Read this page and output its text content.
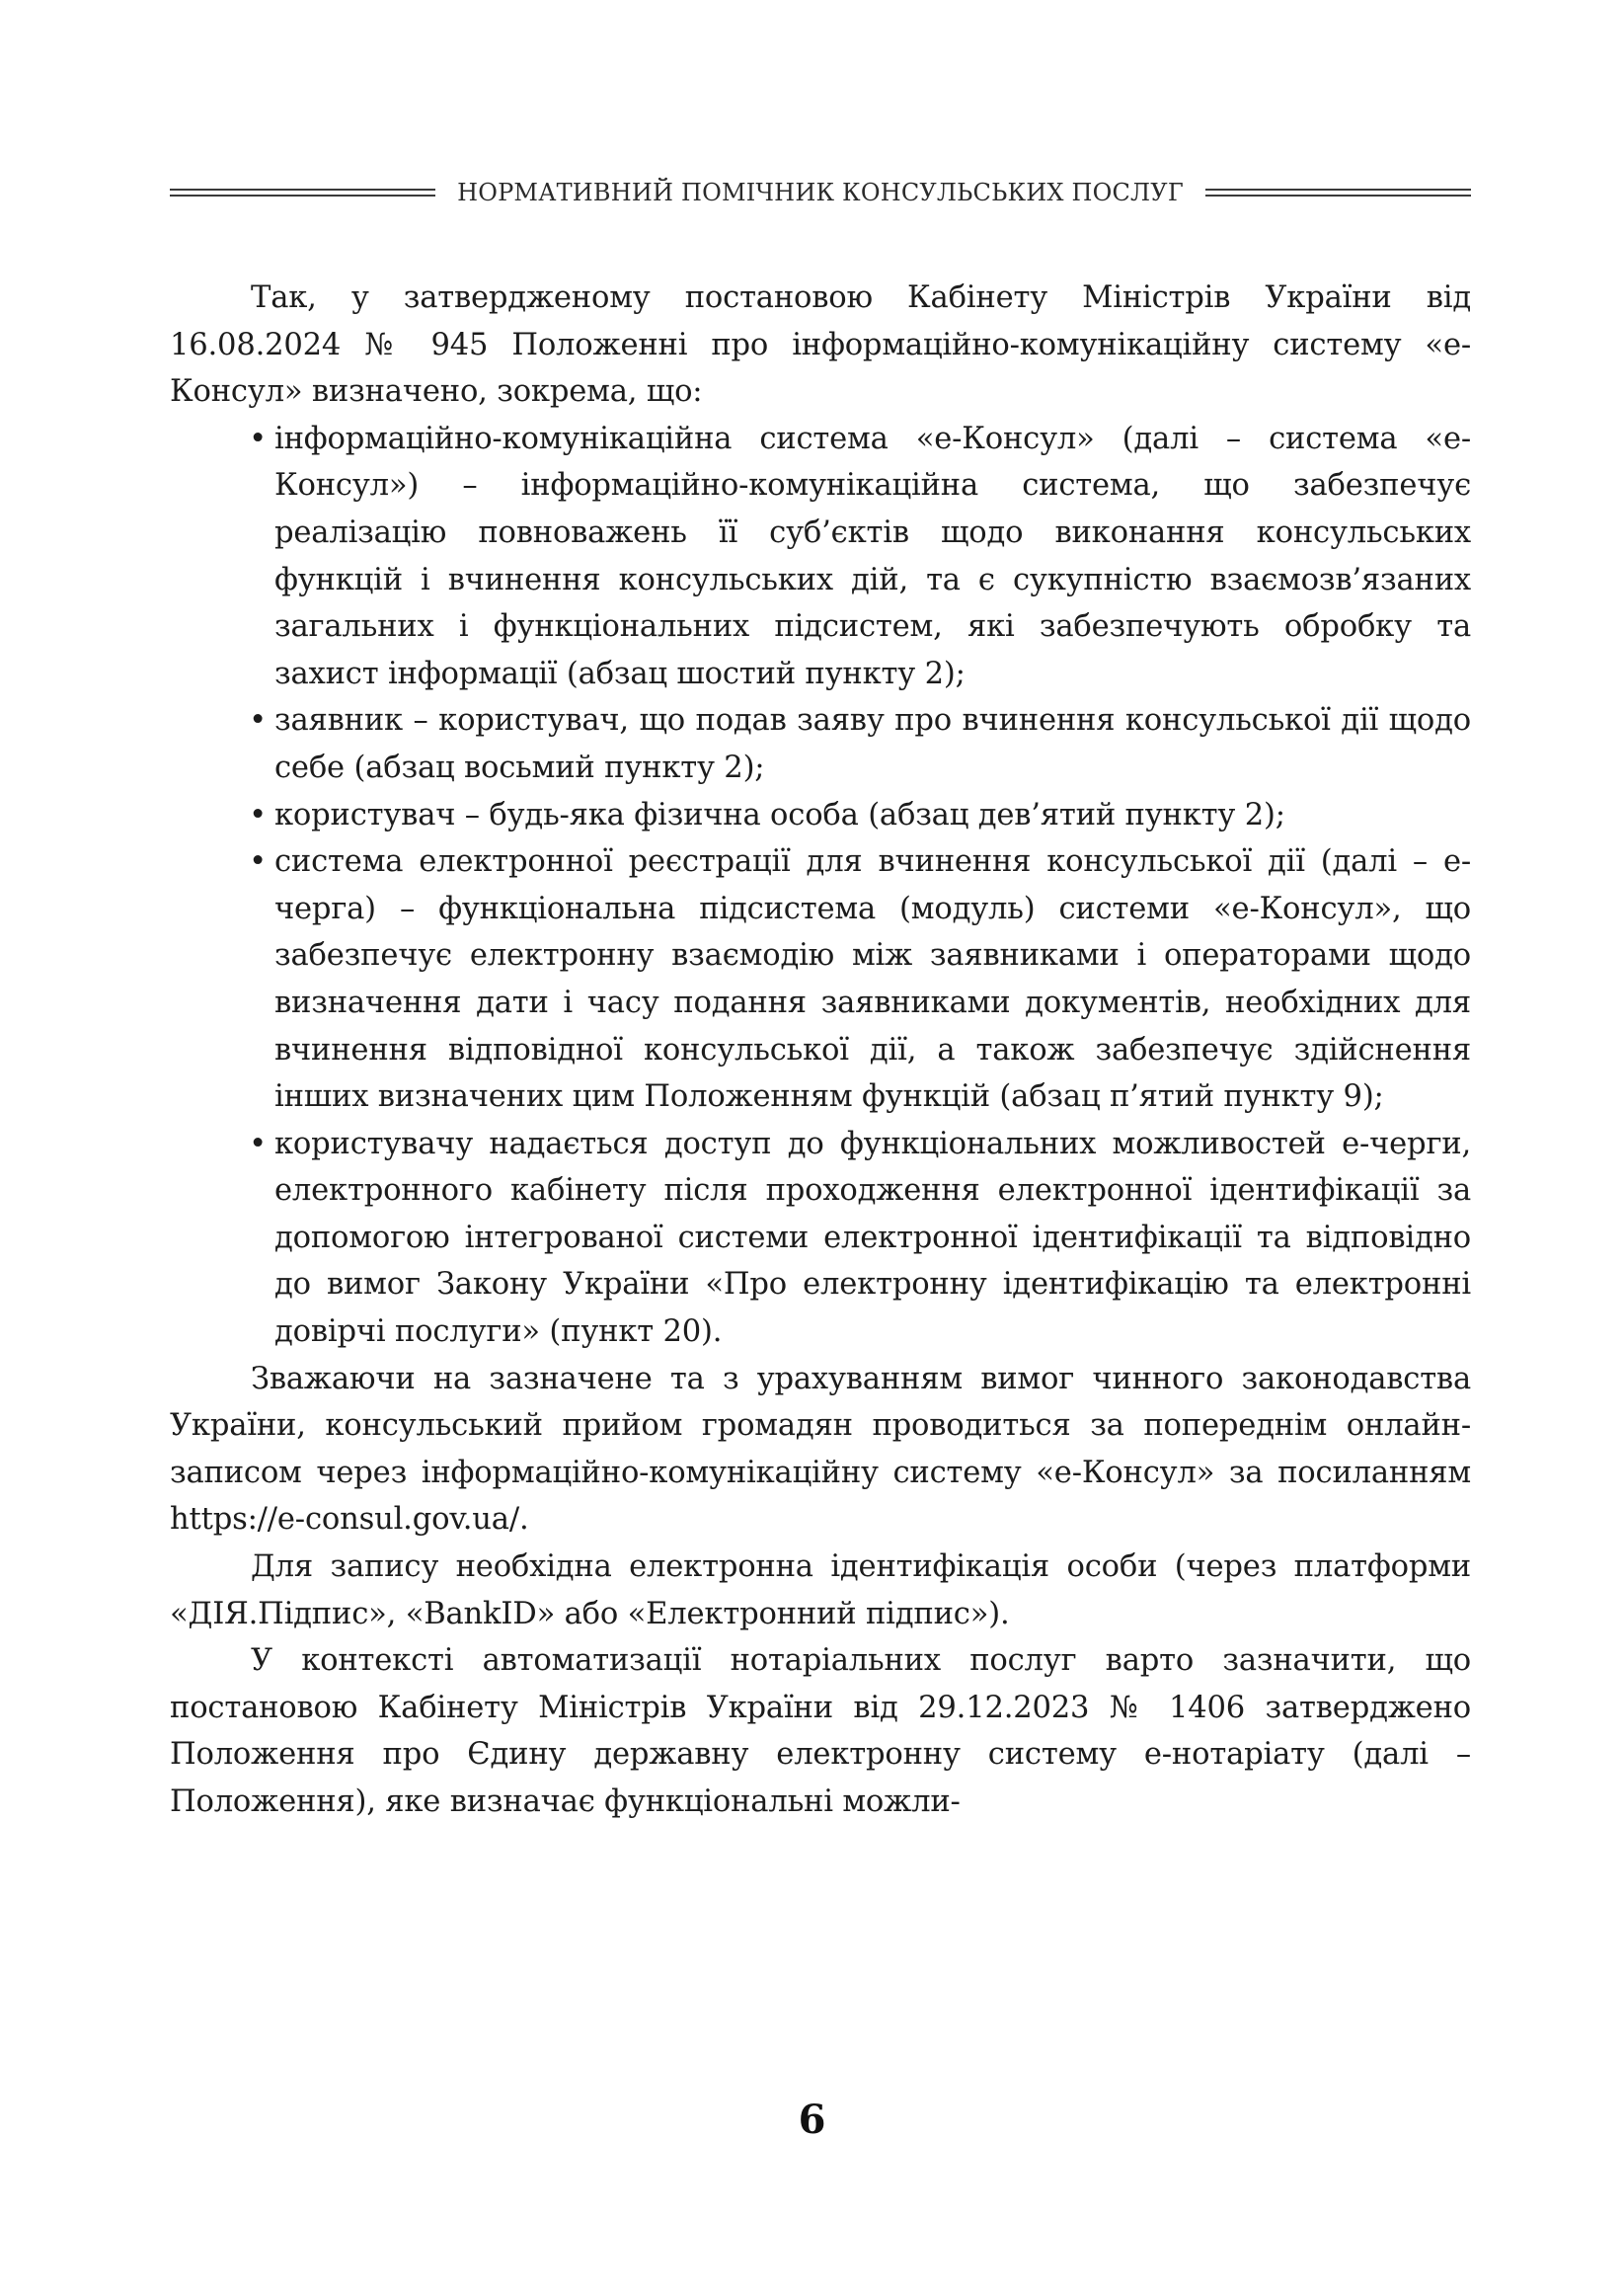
НОРМАТИВНИЙ ПОМІЧНИК КОНСУЛЬСЬКИХ ПОСЛУГ

Так, у затвердженому постановою Кабінету Міністрів України від 16.08.2024 № 945 Положенні про інформаційно-комунікаційну систему «е-Консул» визначено, зокрема, що:

• інформаційно-комунікаційна система «е-Консул» (далі – система «е-Консул») – інформаційно-комунікаційна система, що забезпечує реалізацію повноважень її суб’єктів щодо виконання консульських функцій і вчинення консульських дій, та є сукупністю взаємозв’язаних загальних і функціональних підсистем, які забезпечують обробку та захист інформації (абзац шостий пункту 2);
• заявник – користувач, що подав заяву про вчинення консульської дії щодо себе (абзац восьмий пункту 2);
• користувач – будь-яка фізична особа (абзац дев’ятий пункту 2);
• система електронної реєстрації для вчинення консульської дії (далі – е-черга) – функціональна підсистема (модуль) системи «е-Консул», що забезпечує електронну взаємодію між заявниками і операторами щодо визначення дати і часу подання заявниками документів, необхідних для вчинення відповідної консульської дії, а також забезпечує здійснення інших визначених цим Положенням функцій (абзац п’ятий пункту 9);
• користувачу надається доступ до функціональних можливостей е-черги, електронного кабінету після проходження електронної ідентифікації за допомогою інтегрованої системи електронної ідентифікації та відповідно до вимог Закону України «Про електронну ідентифікацію та електронні довірчі послуги» (пункт 20).

Зважаючи на зазначене та з урахуванням вимог чинного законодавства України, консульський прийом громадян проводиться за попереднім онлайн-записом через інформаційно-комунікаційну систему «е-Консул» за посиланням https://e-consul.gov.ua/.

Для запису необхідна електронна ідентифікація особи (через платформи «ДІЯ.Підпис», «BankID» або «Електронний підпис»).

У контексті автоматизації нотаріальних послуг варто зазначити, що постановою Кабінету Міністрів України від 29.12.2023 № 1406 затверджено Положення про Єдину державну електронну систему е-нотаріату (далі – Положення), яке визначає функціональні можли-

6
